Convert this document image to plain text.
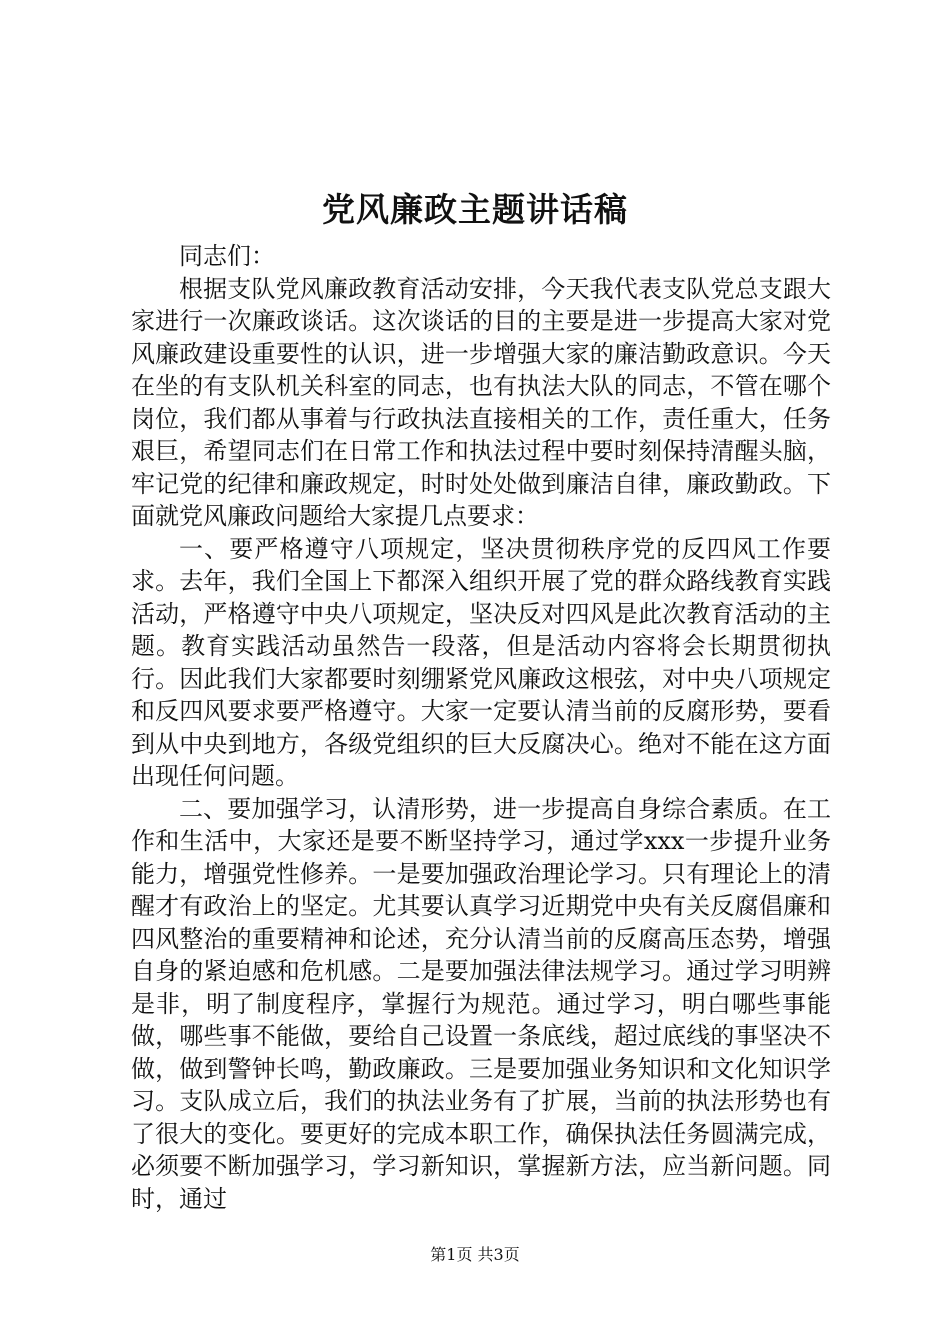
党风廉政主题讲话稿

同志们：

根据支队党风廉政教育活动安排，今天我代表支队党总支跟大家进行一次廉政谈话。这次谈话的目的主要是进一步提高大家对党风廉政建设重要性的认识，进一步增强大家的廉洁勤政意识。今天在坐的有支队机关科室的同志，也有执法大队的同志，不管在哪个岗位，我们都从事着与行政执法直接相关的工作，责任重大，任务艰巨，希望同志们在日常工作和执法过程中要时刻保持清醒头脑，牢记党的纪律和廉政规定，时时处处做到廉洁自律，廉政勤政。下面就党风廉政问题给大家提几点要求：

一、要严格遵守八项规定，坚决贯彻秩序党的反四风工作要求。去年，我们全国上下都深入组织开展了党的群众路线教育实践活动，严格遵守中央八项规定，坚决反对四风是此次教育活动的主题。教育实践活动虽然告一段落，但是活动内容将会长期贯彻执行。因此我们大家都要时刻绷紧党风廉政这根弦，对中央八项规定和反四风要求要严格遵守。大家一定要认清当前的反腐形势，要看到从中央到地方，各级党组织的巨大反腐决心。绝对不能在这方面出现任何问题。

二、要加强学习，认清形势，进一步提高自身综合素质。在工作和生活中，大家还是要不断坚持学习，通过学xxx一步提升业务能力，增强党性修养。一是要加强政治理论学习。只有理论上的清醒才有政治上的坚定。尤其要认真学习近期党中央有关反腐倡廉和四风整治的重要精神和论述，充分认清当前的反腐高压态势，增强自身的紧迫感和危机感。二是要加强法律法规学习。通过学习明辨是非，明了制度程序，掌握行为规范。通过学习，明白哪些事能做，哪些事不能做，要给自己设置一条底线，超过底线的事坚决不做，做到警钟长鸣，勤政廉政。三是要加强业务知识和文化知识学习。支队成立后，我们的执法业务有了扩展，当前的执法形势也有了很大的变化。要更好的完成本职工作，确保执法任务圆满完成，必须要不断加强学习，学习新知识，掌握新方法，应当新问题。同时，通过

第1页 共3页
